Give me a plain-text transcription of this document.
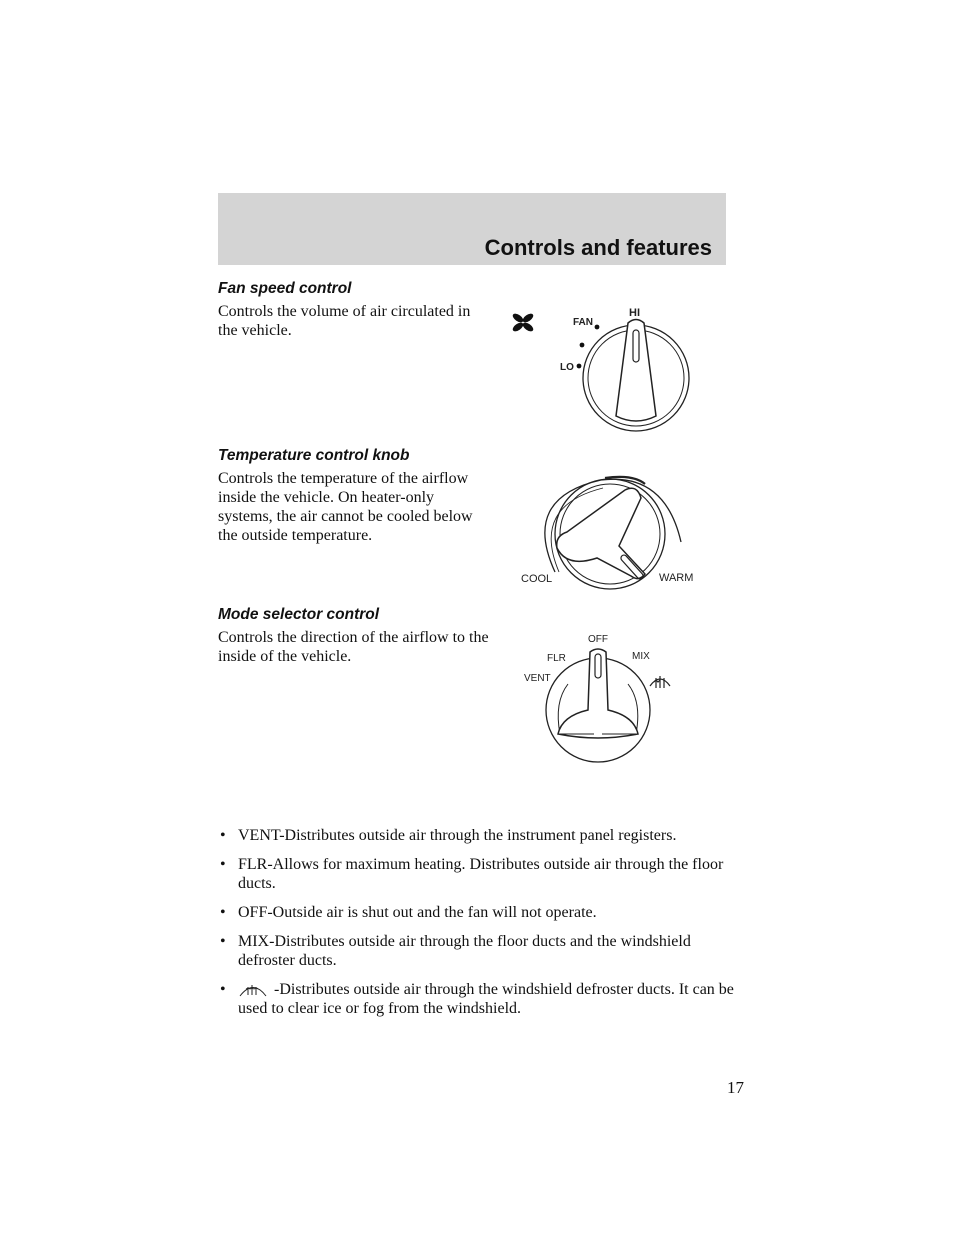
Controls and features
Fan speed control

Controls the volume of air circulated in the vehicle.	FAN
HI
LO
Temperature control knob

Controls the temperature of the airflow inside the vehicle. On heater-only systems, the air cannot be cooled below the outside temperature.

COOL	WARM
Mode selector control

Controls the direction of the airflow to the inside of the vehicle.

OFF
FLR	MIX
VENT
• VENT-Distributes outside air through the instrument panel registers.
• FLR-Allows for maximum heating. Distributes outside air through the floor ducts.
• OFF-Outside air is shut out and the fan will not operate.
• MIX-Distributes outside air through the floor ducts and the windshield defroster ducts.
•	-Distributes outside air through the windshield defroster ducts. It can be used to clear ice or fog from the windshield.
17
